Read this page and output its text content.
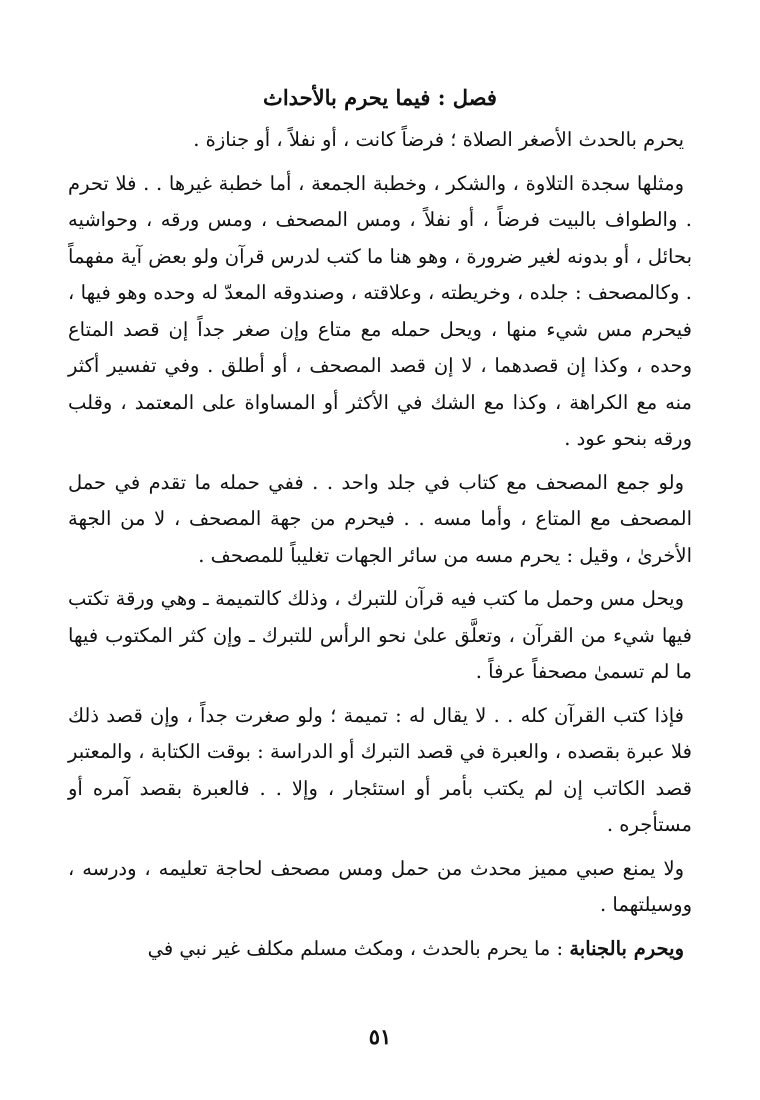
فصل : فيما يحرم بالأحداث

يحرم بالحدث الأصغر الصلاة ؛ فرضاً كانت ، أو نفلاً ، أو جنازة .

ومثلها سجدة التلاوة ، والشكر ، وخطبة الجمعة ، أما خطبة غيرها . . فلا تحرم . والطواف بالبيت فرضاً ، أو نفلاً ، ومس المصحف ، ومس ورقه ، وحواشيه بحائل ، أو بدونه لغير ضرورة ، وهو هنا ما كتب لدرس قرآن ولو بعض آية مفهماً . وكالمصحف : جلده ، وخريطته ، وعلاقته ، وصندوقه المعدّ له وحده وهو فيها ، فيحرم مس شيء منها ، ويحل حمله مع متاع وإن صغر جداً إن قصد المتاع وحده ، وكذا إن قصدهما ، لا إن قصد المصحف ، أو أطلق . وفي تفسير أكثر منه مع الكراهة ، وكذا مع الشك في الأكثر أو المساواة على المعتمد ، وقلب ورقه بنحو عود .

ولو جمع المصحف مع كتاب في جلد واحد . . ففي حمله ما تقدم في حمل المصحف مع المتاع ، وأما مسه . . فيحرم من جهة المصحف ، لا من الجهة الأخرىٰ ، وقيل : يحرم مسه من سائر الجهات تغليباً للمصحف .

ويحل مس وحمل ما كتب فيه قرآن للتبرك ، وذلك كالتميمة ـ وهي ورقة تكتب فيها شيء من القرآن ، وتعلَّق علىٰ نحو الرأس للتبرك ـ وإن كثر المكتوب فيها ما لم تسمىٰ مصحفاً عرفاً .

فإذا كتب القرآن كله . . لا يقال له : تميمة ؛ ولو صغرت جداً ، وإن قصد ذلك فلا عبرة بقصده ، والعبرة في قصد التبرك أو الدراسة : بوقت الكتابة ، والمعتبر قصد الكاتب إن لم يكتب بأمر أو استئجار ، وإلا . . فالعبرة بقصد آمره أو مستأجره .

ولا يمنع صبي مميز محدث من حمل ومس مصحف لحاجة تعليمه ، ودرسه ، ووسيلتهما .

ويحرم بالجنابة : ما يحرم بالحدث ، ومكث مسلم مكلف غير نبي في

٥١
